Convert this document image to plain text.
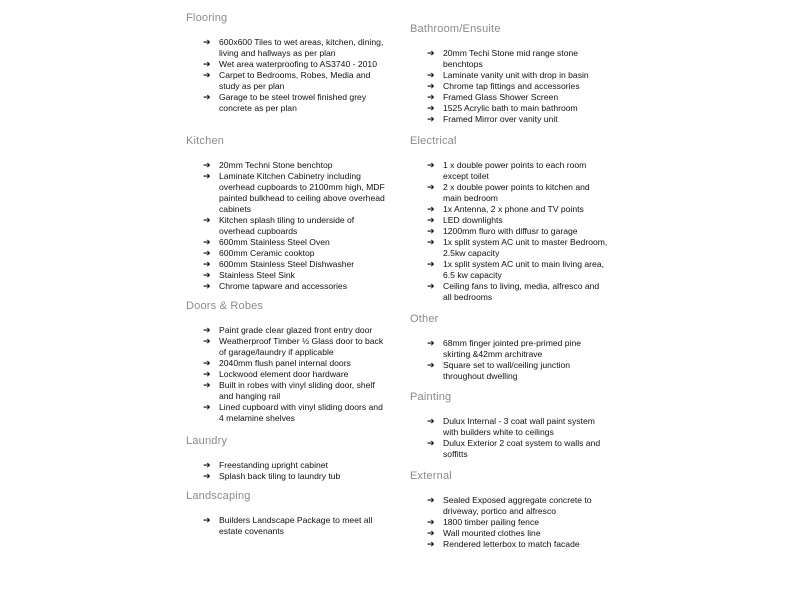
Flooring
➔ 600x600 Tiles to wet areas, kitchen, dining, living and hallways as per plan
➔ Wet area waterproofing to AS3740 - 2010
➔ Carpet to Bedrooms, Robes, Media and study as per plan
➔ Garage to be steel trowel finished grey concrete as per plan
Kitchen
➔ 20mm Techni Stone benchtop
➔ Laminate Kitchen Cabinetry including overhead cupboards to 2100mm high, MDF painted bulkhead to ceiling above overhead cabinets
➔ Kitchen splash tiling to underside of overhead cupboards
➔ 600mm Stainless Steel Oven
➔ 600mm Ceramic cooktop
➔ 600mm Stainless Steel Dishwasher
➔ Stainless Steel Sink
➔ Chrome tapware and accessories
Doors & Robes
➔ Paint grade clear glazed front entry door
➔ Weatherproof Timber ½ Glass door to back of garage/laundry if applicable
➔ 2040mm flush panel internal doors
➔ Lockwood element door hardware
➔ Built in robes with vinyl sliding door, shelf and hanging rail
➔ Lined cupboard with vinyl sliding doors and 4 melamine shelves
Laundry
➔ Freestanding upright cabinet
➔ Splash back tiling to laundry tub
Landscaping
➔ Builders Landscape Package to meet all estate covenants
Bathroom/Ensuite
➔ 20mm Techi Stone mid range stone benchtops
➔ Laminate vanity unit with drop in basin
➔ Chrome tap fittings and accessories
➔ Framed Glass Shower Screen
➔ 1525 Acrylic bath to main bathroom
➔ Framed Mirror over vanity unit
Electrical
➔ 1 x double power points to each room except toilet
➔ 2 x double power points to kitchen and main bedroom
➔ 1x Antenna, 2 x phone and TV points
➔ LED downlights
➔ 1200mm fluro with diffusr to garage
➔ 1x split system AC unit to master Bedroom, 2.5kw capacity
➔ 1x split system AC unit to main living area, 6.5 kw capacity
➔ Ceiling fans to living, media, alfresco and all bedrooms
Other
➔ 68mm finger jointed pre-primed pine skirting &42mm architrave
➔ Square set to wall/ceiling junction throughout dwelling
Painting
➔ Dulux Internal - 3 coat wall paint system with builders white to ceilings
➔ Dulux Exterior 2 coat system to walls and soffitts
External
➔ Sealed Exposed aggregate concrete to driveway, portico and alfresco
➔ 1800 timber pailing fence
➔ Wall mounted clothes line
➔ Rendered letterbox to match facade
